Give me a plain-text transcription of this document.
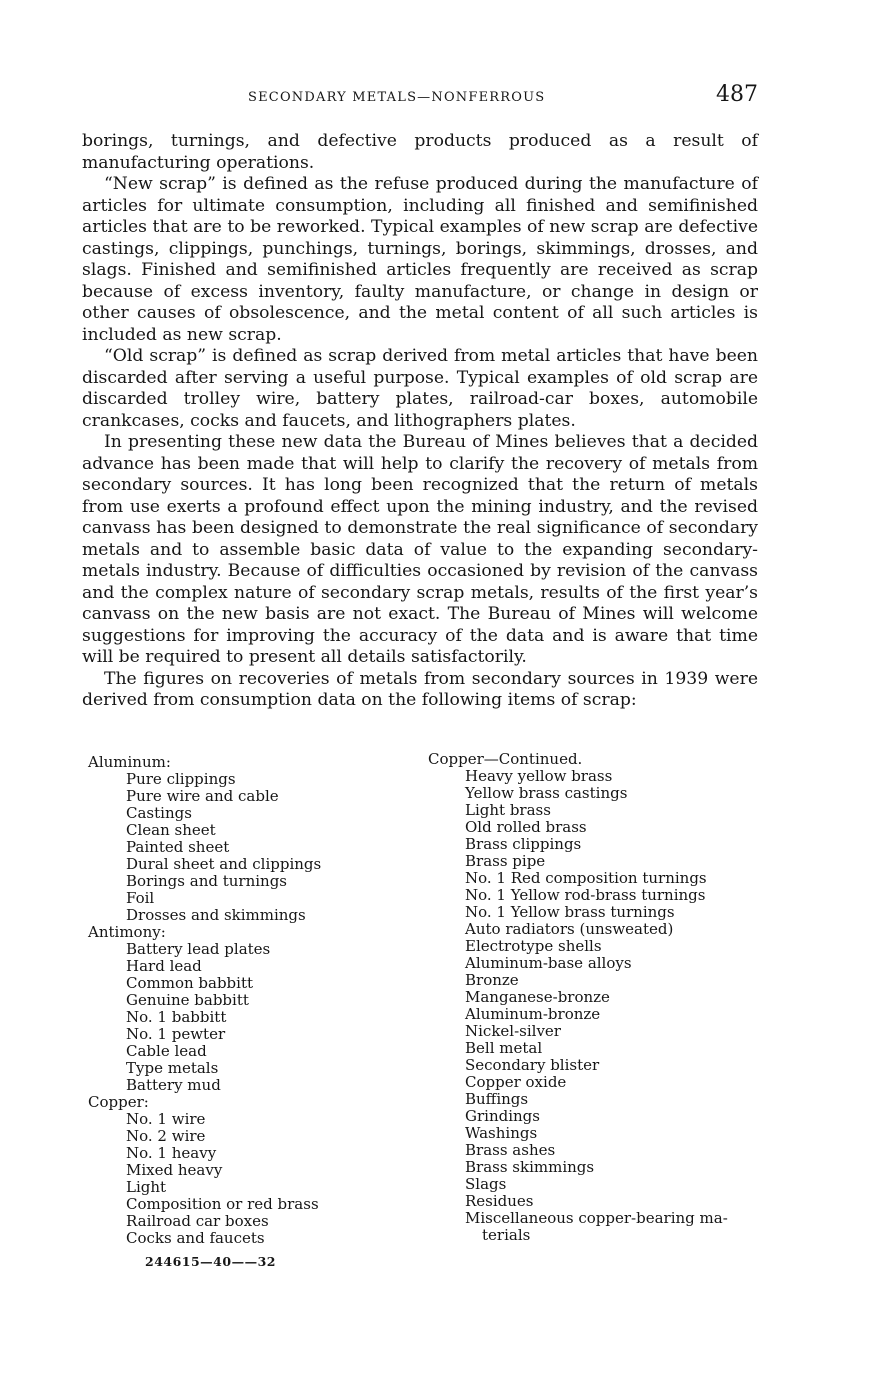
SECONDARY METALS—NONFERROUS	487

borings, turnings, and defective products produced as a result of manufacturing operations.

“New scrap” is defined as the refuse produced during the manufacture of articles for ultimate consumption, including all finished and semifinished articles that are to be reworked. Typical examples of new scrap are defective castings, clippings, punchings, turnings, borings, skimmings, drosses, and slags. Finished and semifinished articles frequently are received as scrap because of excess inventory, faulty manufacture, or change in design or other causes of obsolescence, and the metal content of all such articles is included as new scrap.

“Old scrap” is defined as scrap derived from metal articles that have been discarded after serving a useful purpose. Typical examples of old scrap are discarded trolley wire, battery plates, railroad-car boxes, automobile crankcases, cocks and faucets, and lithographers plates.

In presenting these new data the Bureau of Mines believes that a decided advance has been made that will help to clarify the recovery of metals from secondary sources. It has long been recognized that the return of metals from use exerts a profound effect upon the mining industry, and the revised canvass has been designed to demonstrate the real significance of secondary metals and to assemble basic data of value to the expanding secondary-metals industry. Because of difficulties occasioned by revision of the canvass and the complex nature of secondary scrap metals, results of the first year’s canvass on the new basis are not exact. The Bureau of Mines will welcome suggestions for improving the accuracy of the data and is aware that time will be required to present all details satisfactorily.

The figures on recoveries of metals from secondary sources in 1939 were derived from consumption data on the following items of scrap:

Aluminum:
Pure clippings
Pure wire and cable
Castings
Clean sheet
Painted sheet
Dural sheet and clippings
Borings and turnings
Foil
Drosses and skimmings
Antimony:
Battery lead plates
Hard lead
Common babbitt
Genuine babbitt
No. 1 babbitt
No. 1 pewter
Cable lead
Type metals
Battery mud
Copper:
No. 1 wire
No. 2 wire
No. 1 heavy
Mixed heavy
Light
Composition or red brass
Railroad car boxes
Cocks and faucets
Copper—Continued.
Heavy yellow brass
Yellow brass castings
Light brass
Old rolled brass
Brass clippings
Brass pipe
No. 1 Red composition turnings
No. 1 Yellow rod-brass turnings
No. 1 Yellow brass turnings
Auto radiators (unsweated)
Electrotype shells
Aluminum-base alloys
Bronze
Manganese-bronze
Aluminum-bronze
Nickel-silver
Bell metal
Secondary blister
Copper oxide
Buffings
Grindings
Washings
Brass ashes
Brass skimmings
Slags
Residues
Miscellaneous copper-bearing ma-
terials
244615—40——32
